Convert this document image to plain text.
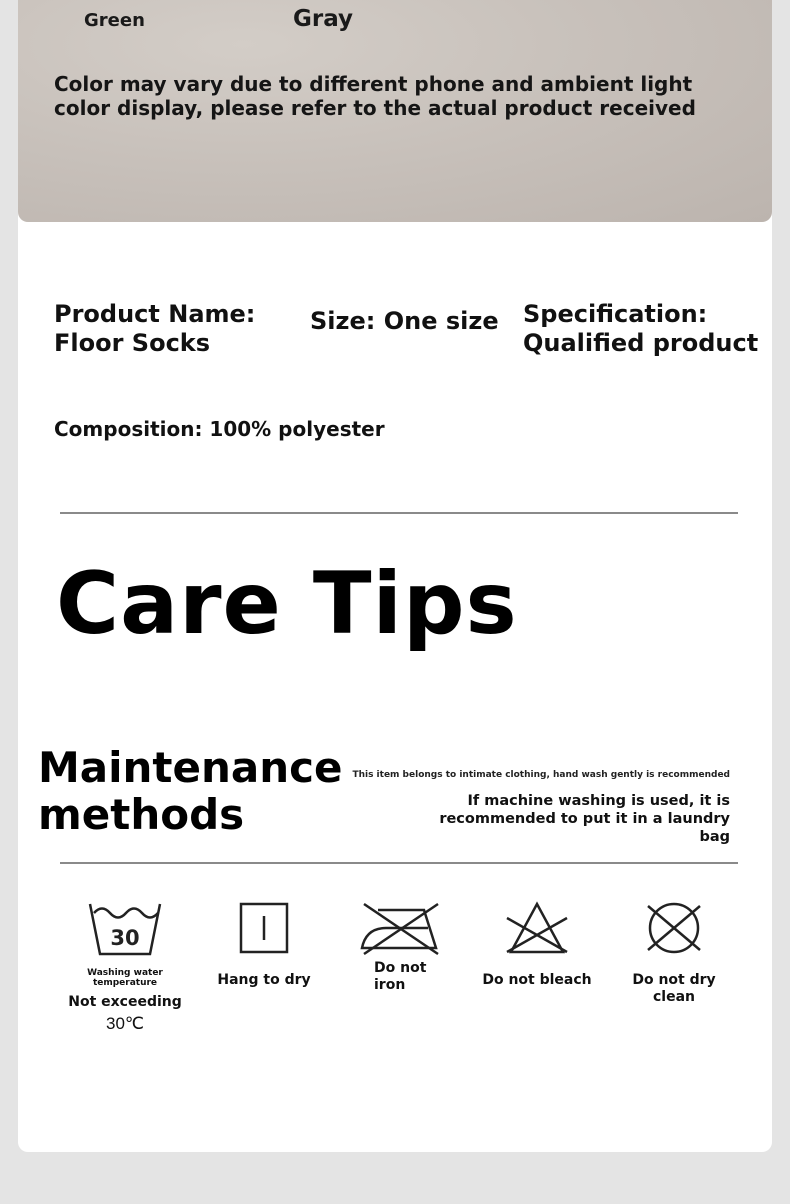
Green	Gray
Color may vary due to different phone and ambient light color display, please refer to the actual product received
Product Name:
Floor Socks
Size: One size Specification:
Qualified product
Composition: 100% polyester
Care Tips
Maintenance
methods
This item belongs to intimate clothing, hand wash gently is recommended
If machine washing is used, it is
recommended to put it in a laundry bag
30
Washing water temperature
Not exceeding
30℃
Hang to dry
Do not
iron	Do not bleach	Do not dry clean
